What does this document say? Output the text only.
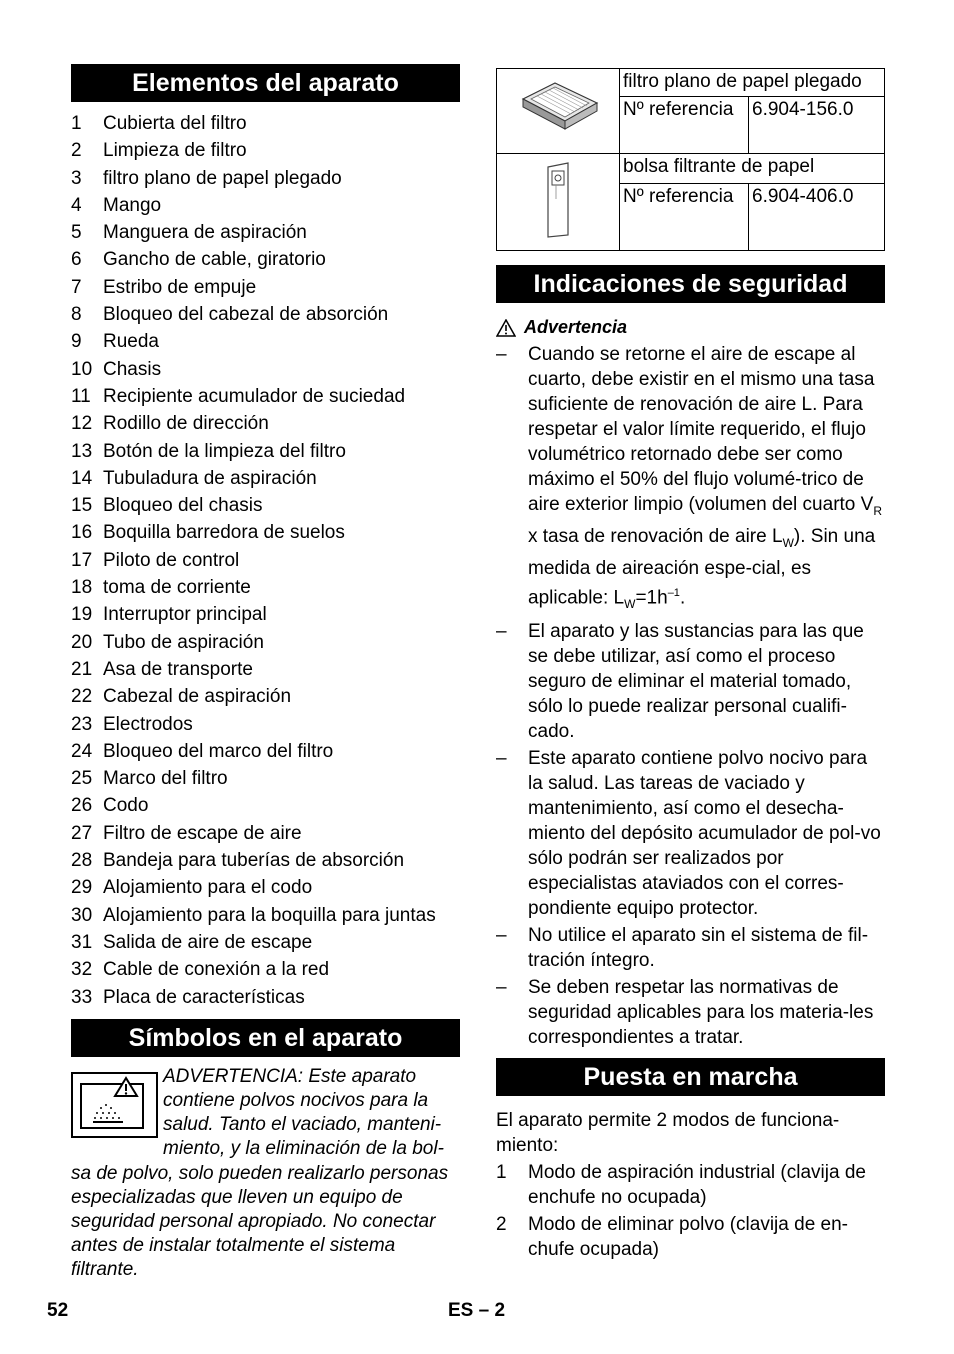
Elementos del aparato
1 Cubierta del filtro
2 Limpieza de filtro
3 filtro plano de papel plegado
4 Mango
5 Manguera de aspiración
6 Gancho de cable, giratorio
7 Estribo de empuje
8 Bloqueo del cabezal de absorción
9 Rueda
10 Chasis
11 Recipiente acumulador de suciedad
12 Rodillo de dirección
13 Botón de la limpieza del filtro
14 Tubuladura de aspiración
15 Bloqueo del chasis
16 Boquilla barredora de suelos
17 Piloto de control
18 toma de corriente
19 Interruptor principal
20 Tubo de aspiración
21 Asa de transporte
22 Cabezal de aspiración
23 Electrodos
24 Bloqueo del marco del filtro
25 Marco del filtro
26 Codo
27 Filtro de escape de aire
28 Bandeja para tuberías de absorción
29 Alojamiento para el codo
30 Alojamiento para la boquilla para juntas
31 Salida de aire de escape
32 Cable de conexión a la red
33 Placa de características
Símbolos en el aparato

ADVERTENCIA: Este aparato contiene polvos nocivos para la salud. Tanto el vaciado, manteni-miento, y la eliminación de la bol-sa de polvo, solo pueden realizarlo personas especializadas que lleven un equipo de seguridad personal apropiado. No conectar antes de instalar totalmente el sistema filtrante.

	filtro plano de papel plegado	
	Nº referencia	6.904-156.0
	bolsa filtrante de papel	
	Nº referencia	6.904-406.0
Indicaciones de seguridad
Advertencia
– Cuando se retorne el aire de escape al cuarto, debe existir en el mismo una tasa suficiente de renovación de aire L. Para respetar el valor límite requerido, el flujo volumétrico retornado debe ser como máximo el 50% del flujo volumé-trico de aire exterior limpio (volumen del cuarto $V_R$ x tasa de renovación de aire $L_W$). Sin una medida de aireación espe-cial, es aplicable: $L_W=1h^{-1}$.
– El aparato y las sustancias para las que se debe utilizar, así como el proceso seguro de eliminar el material tomado, sólo lo puede realizar personal cualifi-cado.
– Este aparato contiene polvo nocivo para la salud. Las tareas de vaciado y mantenimiento, así como el desecha-miento del depósito acumulador de pol-vo sólo podrán ser realizados por especialistas ataviados con el corres-pondiente equipo protector.
– No utilice el aparato sin el sistema de fil-tración íntegro.
– Se deben respetar las normativas de seguridad aplicables para los materia-les correspondientes a tratar.
Puesta en marcha

El aparato permite 2 modos de funciona-miento:

1 Modo de aspiración industrial (clavija de enchufe no ocupada)
2 Modo de eliminar polvo (clavija de en-chufe ocupada)
52	ES – 2
